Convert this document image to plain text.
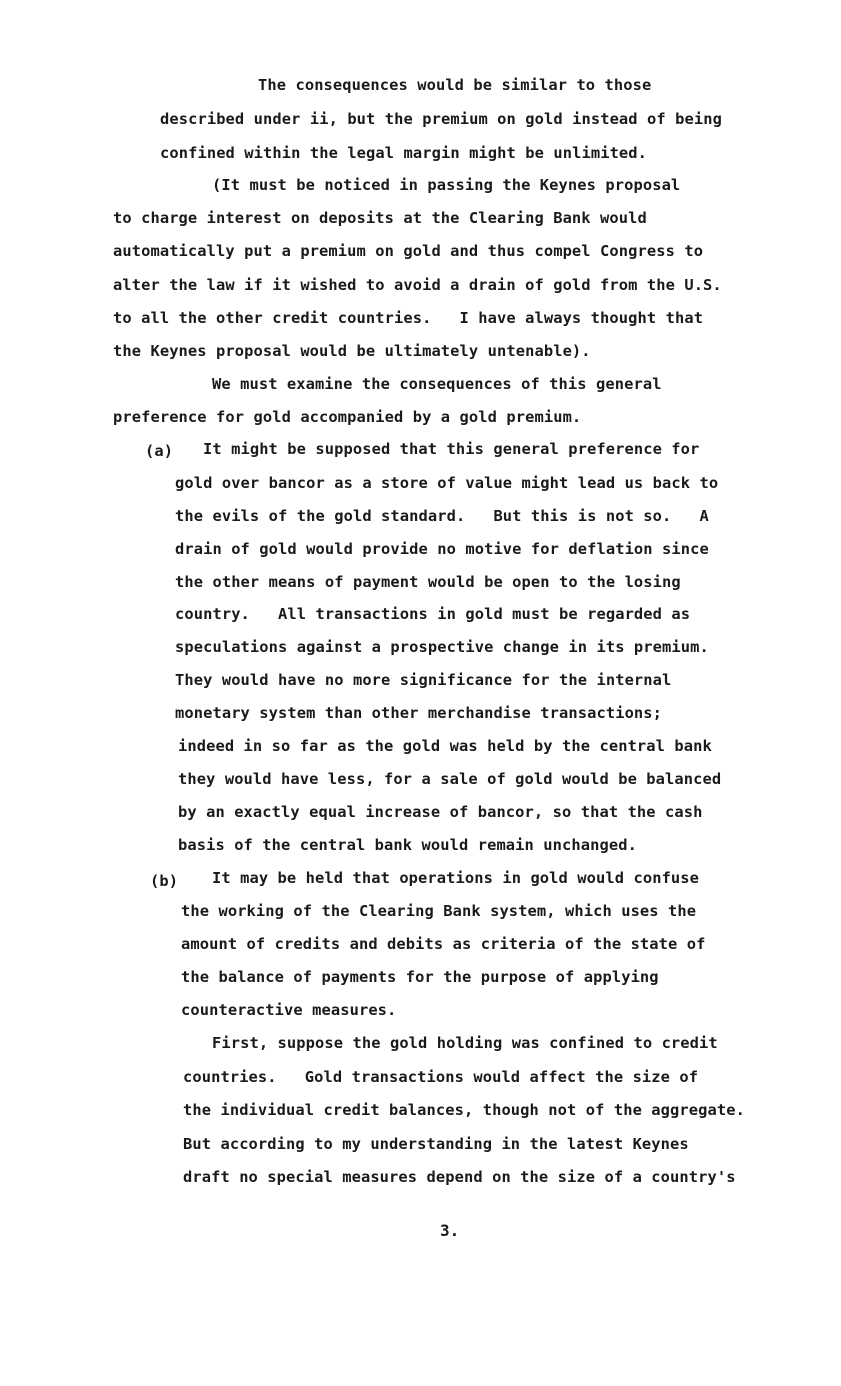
The consequences would be similar to those
described under ii, but the premium on gold instead of being
confined within the legal margin might be unlimited.
(It must be noticed in passing the Keynes proposal
to charge interest on deposits at the Clearing Bank would
automatically put a premium on gold and thus compel Congress to
alter the law if it wished to avoid a drain of gold from the U.S.
to all the other credit countries.   I have always thought that
the Keynes proposal would be ultimately untenable).
We must examine the consequences of this general
preference for gold accompanied by a gold premium.
(a) It might be supposed that this general preference for
gold over bancor as a store of value might lead us back to
the evils of the gold standard.   But this is not so.   A
drain of gold would provide no motive for deflation since
the other means of payment would be open to the losing
country.   All transactions in gold must be regarded as
speculations against a prospective change in its premium.
They would have no more significance for the internal
monetary system than other merchandise transactions;
indeed in so far as the gold was held by the central bank
they would have less, for a sale of gold would be balanced
by an exactly equal increase of bancor, so that the cash
basis of the central bank would remain unchanged.
(b) It may be held that operations in gold would confuse
the working of the Clearing Bank system, which uses the
amount of credits and debits as criteria of the state of
the balance of payments for the purpose of applying
counteractive measures.
First, suppose the gold holding was confined to credit
countries.   Gold transactions would affect the size of
the individual credit balances, though not of the aggregate.
But according to my understanding in the latest Keynes
draft no special measures depend on the size of a country's
3.
